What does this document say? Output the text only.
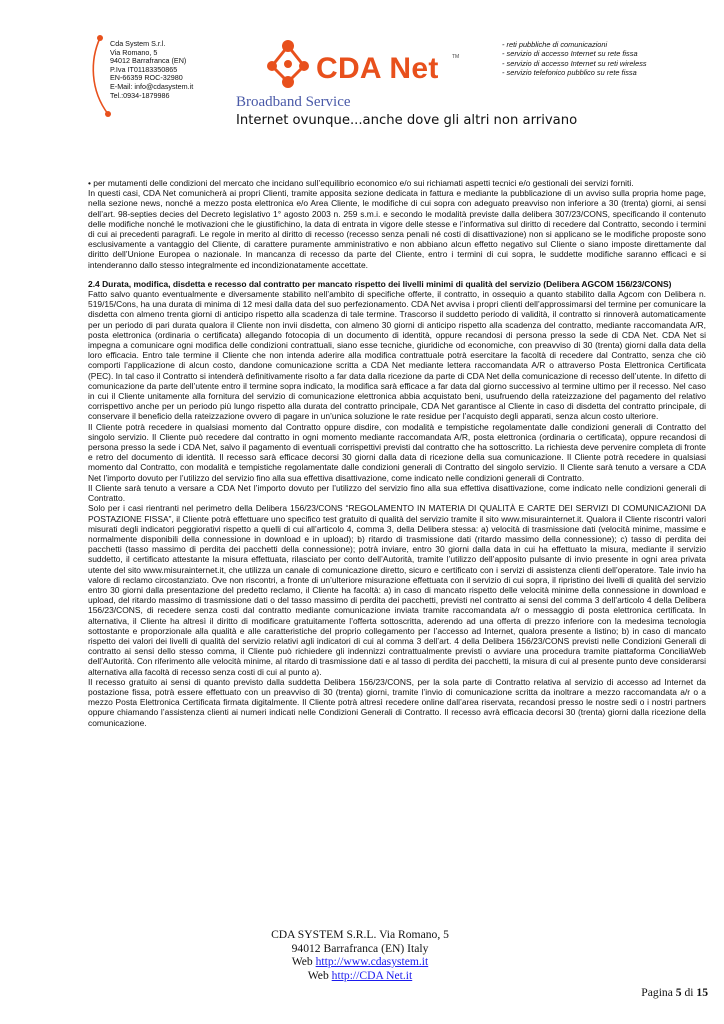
Cda System S.r.l.
Via Romano, 5
94012 Barrafranca (EN)
P.Iva IT01183350865
EN-66359 ROC-32980
E-Mail: info@cdasystem.it
Tel.:0934-1879986
CDA Net	TM
Broadband Service
Internet ovunque...anche dove gli altri non arrivano
- reti pubbliche di comunicazioni
- servizio di accesso Internet su rete fissa
- servizio di accesso Internet su reti wireless
- servizio telefonico pubblico su rete fissa

• per mutamenti delle condizioni del mercato che incidano sull’equilibrio economico e/o sui richiamati aspetti tecnici e/o gestionali dei servizi forniti.

In questi casi, CDA Net comunicherà ai propri Clienti, tramite apposita sezione dedicata in fattura e mediante la pubblicazione di un avviso sulla propria home page, nella sezione news, nonché a mezzo posta elettronica e/o Area Cliente, le modifiche di cui sopra con adeguato preavviso non inferiore a 30 (trenta) giorni, ai sensi dell’art. 98-septies decies del Decreto legislativo 1° agosto 2003 n. 259 s.m.i. e secondo le modalità previste dalla delibera 307/23/CONS, specificando il contenuto delle modifiche nonché le motivazioni che le giustifichino, la data di entrata in vigore delle stesse e l’informativa sul diritto di recedere dal Contratto, secondo i termini di cui ai precedenti paragrafi. Le regole in merito al diritto di recesso (recesso senza penali né costi di disattivazione) non si applicano se le modifiche proposte sono esclusivamente a vantaggio del Cliente, di carattere puramente amministrativo e non abbiano alcun effetto negativo sul Cliente o siano imposte direttamente dal diritto dell’Unione Europea o nazionale. In mancanza di recesso da parte del Cliente, entro i termini di cui sopra, le suddette modifiche saranno efficaci e si intenderanno dallo stesso integralmente ed incondizionatamente accettate.

2.4 Durata, modifica, disdetta e recesso dal contratto per mancato rispetto dei livelli minimi di qualità del servizio (Delibera AGCOM 156/23/CONS)

Fatto salvo quanto eventualmente e diversamente stabilito nell’ambito di specifiche offerte, il contratto, in ossequio a quanto stabilito dalla Agcom con Delibera n. 519/15/Cons, ha una durata di minima di 12 mesi dalla data del suo perfezionamento. CDA Net avvisa i propri clienti dell’approssimarsi del termine per comunicare la disdetta con almeno trenta giorni di anticipo rispetto alla scadenza di tale termine. Trascorso il suddetto periodo di validità, il contratto si rinnoverà automaticamente per un periodo di pari durata qualora il Cliente non invii disdetta, con almeno 30 giorni di anticipo rispetto alla scadenza del contratto, mediante raccomandata A/R, posta elettronica (ordinaria o certificata) allegando fotocopia di un documento di identità, oppure recandosi di persona presso la sede di CDA Net. CDA Net si impegna a comunicare ogni modifica delle condizioni contrattuali, siano esse tecniche, giuridiche od economiche, con preavviso di 30 (trenta) giorni dalla data della loro efficacia. Entro tale termine il Cliente che non intenda aderire alla modifica contrattuale potrà esercitare la facoltà di recedere dal Contratto, senza che ciò comporti l’applicazione di alcun costo, dandone comunicazione scritta a CDA Net mediante lettera raccomandata A/R o attraverso Posta Elettronica Certificata (PEC). In tal caso il Contratto si intenderà definitivamente risolto a far data dalla ricezione da parte di CDA Net della comunicazione di recesso dell’utente. In difetto di comunicazione da parte dell’utente entro il termine sopra indicato, la modifica sarà efficace a far data dal giorno successivo al termine ultimo per il recesso. Nel caso in cui il Cliente unitamente alla fornitura del servizio di comunicazione elettronica abbia acquistato beni, usufruendo della rateizzazione del pagamento del relativo corrispettivo anche per un periodo più lungo rispetto alla durata del contratto principale, CDA Net garantisce al Cliente in caso di disdetta del contratto principale, di conservare il beneficio della rateizzazione ovvero di pagare in un’unica soluzione le rate residue per l’acquisto degli apparati, senza alcun costo ulteriore.

Il Cliente potrà recedere in qualsiasi momento dal Contratto oppure disdire, con modalità e tempistiche regolamentate dalle condizioni generali di Contratto del singolo servizio. Il Cliente può recedere dal contratto in ogni momento mediante raccomandata A/R, posta elettronica (ordinaria o certificata), oppure recandosi di persona presso la sede i CDA Net, salvo il pagamento di eventuali corrispettivi previsti dal contratto che ha sottoscritto. La richiesta deve pervenire completa di fronte e retro del documento di identità. Il recesso sarà efficace decorsi 30 giorni dalla data di ricezione della sua comunicazione. Il Cliente potrà recedere in qualsiasi momento dal Contratto, con modalità e tempistiche regolamentate dalle condizioni generali di Contratto del singolo servizio. Il Cliente sarà tenuto a versare a CDA Net l’importo dovuto per l’utilizzo del servizio fino alla sua effettiva disattivazione, come indicato nelle condizioni generali di Contratto.

Il Cliente sarà tenuto a versare a CDA Net l’importo dovuto per l’utilizzo del servizio fino alla sua effettiva disattivazione, come indicato nelle condizioni generali di Contratto.

Solo per i casi rientranti nel perimetro della Delibera 156/23/CONS “REGOLAMENTO IN MATERIA DI QUALITÀ E CARTE DEI SERVIZI DI COMUNICAZIONI DA POSTAZIONE FISSA”, il Cliente potrà effettuare uno specifico test gratuito di qualità del servizio tramite il sito www.misurainternet.it. Qualora il Cliente riscontri valori misurati degli indicatori peggiorativi rispetto a quelli di cui all’articolo 4, comma 3, della Delibera stessa: a) velocità di trasmissione dati (velocità minime, massime e normalmente disponibili della connessione in download e in upload); b) ritardo di trasmissione dati (ritardo massimo della connessione); c) tasso di perdita dei pacchetti (tasso massimo di perdita dei pacchetti della connessione); potrà inviare, entro 30 giorni dalla data in cui ha effettuato la misura, mediante il servizio suddetto, il certificato attestante la misura effettuata, rilasciato per conto dell’Autorità, tramite l’utilizzo dell’apposito pulsante di invio presente in ogni area privata utente del sito www.misurainternet.it, che utilizza un canale di comunicazione diretto, sicuro e certificato con i servizi di assistenza clienti dell’operatore. Tale invio ha valore di reclamo circostanziato. Ove non riscontri, a fronte di un’ulteriore misurazione effettuata con il servizio di cui sopra, il ripristino dei livelli di qualità del servizio entro 30 giorni dalla presentazione del predetto reclamo, il Cliente ha facoltà: a) in caso di mancato rispetto delle velocità minime della connessione in download e upload, del ritardo massimo di trasmissione dati o del tasso massimo di perdita dei pacchetti, previsti nel contratto ai sensi del comma 3 dell’articolo 4 della Delibera 156/23/CONS, di recedere senza costi dal contratto mediante comunicazione inviata tramite raccomandata a/r o messaggio di posta elettronica certificata. In alternativa, il Cliente ha altresì il diritto di modificare gratuitamente l’offerta sottoscritta, aderendo ad una offerta di prezzo inferiore con la medesima tecnologia sottostante e proporzionale alla qualità e alle caratteristiche del proprio collegamento per l’accesso ad Internet, qualora presente a listino; b) in caso di mancato rispetto dei valori dei livelli di qualità del servizio relativi agli indicatori di cui al comma 3 dell’art. 4 della Delibera 156/23/CONS previsti nelle Condizioni Generali di contratto ai sensi dello stesso comma, il Cliente può richiedere gli indennizzi contrattualmente previsti o avviare una procedura tramite piattaforma ConciliaWeb dell’Autorità. Con riferimento alle velocità minime, al ritardo di trasmissione dati e al tasso di perdita dei pacchetti, la misura di cui al presente punto deve considerarsi alternativa alla facoltà di recesso senza costi di cui al punto a).

Il recesso gratuito ai sensi di quanto previsto dalla suddetta Delibera 156/23/CONS, per la sola parte di Contratto relativa al servizio di accesso ad Internet da postazione fissa, potrà essere effettuato con un preavviso di 30 (trenta) giorni, tramite l’invio di comunicazione scritta da inoltrare a mezzo raccomandata a/r o a mezzo Posta Elettronica Certificata firmata digitalmente. Il Cliente potrà altresì recedere online dall’area riservata, recandosi presso le nostre sedi o i nostri partners oppure chiamando l’assistenza clienti ai numeri indicati nelle Condizioni Generali di Contratto. Il recesso avrà efficacia decorsi 30 (trenta) giorni dalla ricezione della comunicazione.

CDA SYSTEM S.R.L. Via Romano, 5
94012 Barrafranca (EN) Italy
Web http://www.cdasystem.it
Web http://CDA Net.it
Pagina 5 di 15
